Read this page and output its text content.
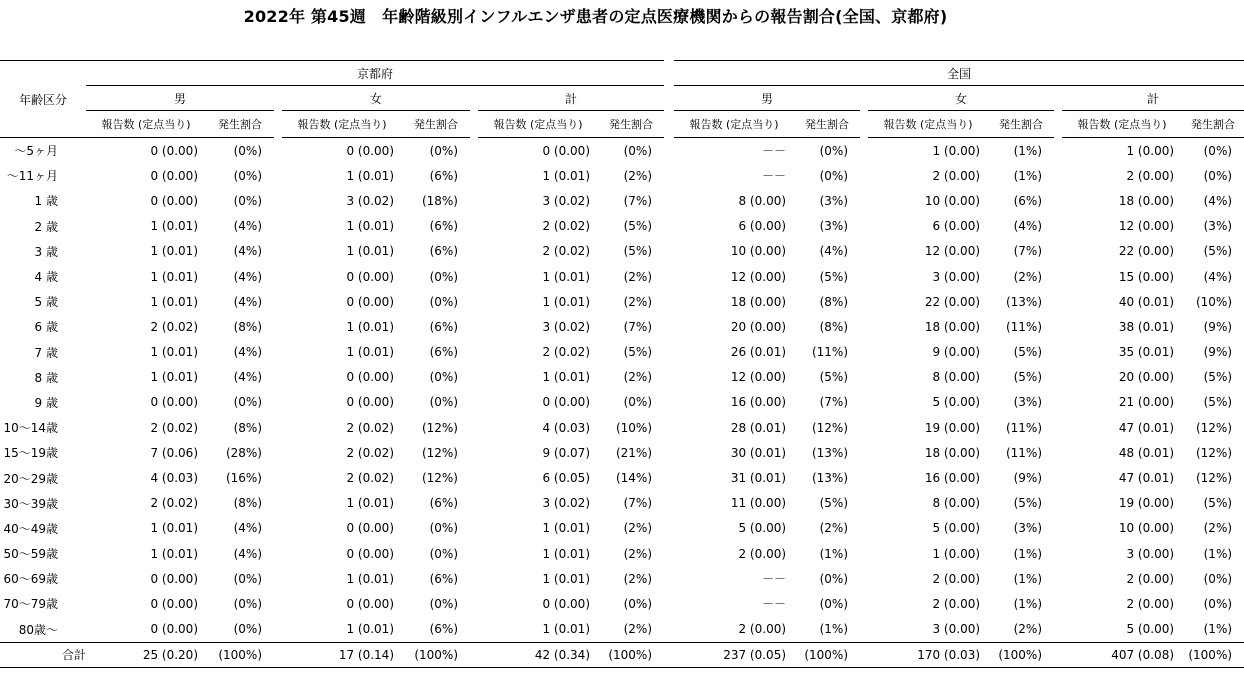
2022年 第45週　年齢階級別インフルエンザ患者の定点医療機関からの報告割合(全国、京都府)
年齢区分	京都府									全国							
	男			女			計			男			女			計	
	報告数 (定点当り)	発生割合		報告数 (定点当り)	発生割合		報告数 (定点当り)	発生割合		報告数 (定点当り)	発生割合		報告数 (定点当り)	発生割合		報告数 (定点当り)	発生割合
～5ヶ月	0 (0.00)	(0%)		0 (0.00)	(0%)		0 (0.00)	(0%)		－－	(0%)		1 (0.00)	(1%)		1 (0.00)	(0%)
～11ヶ月	0 (0.00)	(0%)		1 (0.01)	(6%)		1 (0.01)	(2%)		－－	(0%)		2 (0.00)	(1%)		2 (0.00)	(0%)
1 歳	0 (0.00)	(0%)		3 (0.02)	(18%)		3 (0.02)	(7%)		8 (0.00)	(3%)		10 (0.00)	(6%)		18 (0.00)	(4%)
2 歳	1 (0.01)	(4%)		1 (0.01)	(6%)		2 (0.02)	(5%)		6 (0.00)	(3%)		6 (0.00)	(4%)		12 (0.00)	(3%)
3 歳	1 (0.01)	(4%)		1 (0.01)	(6%)		2 (0.02)	(5%)		10 (0.00)	(4%)		12 (0.00)	(7%)		22 (0.00)	(5%)
4 歳	1 (0.01)	(4%)		0 (0.00)	(0%)		1 (0.01)	(2%)		12 (0.00)	(5%)		3 (0.00)	(2%)		15 (0.00)	(4%)
5 歳	1 (0.01)	(4%)		0 (0.00)	(0%)		1 (0.01)	(2%)		18 (0.00)	(8%)		22 (0.00)	(13%)		40 (0.01)	(10%)
6 歳	2 (0.02)	(8%)		1 (0.01)	(6%)		3 (0.02)	(7%)		20 (0.00)	(8%)		18 (0.00)	(11%)		38 (0.01)	(9%)
7 歳	1 (0.01)	(4%)		1 (0.01)	(6%)		2 (0.02)	(5%)		26 (0.01)	(11%)		9 (0.00)	(5%)		35 (0.01)	(9%)
8 歳	1 (0.01)	(4%)		0 (0.00)	(0%)		1 (0.01)	(2%)		12 (0.00)	(5%)		8 (0.00)	(5%)		20 (0.00)	(5%)
9 歳	0 (0.00)	(0%)		0 (0.00)	(0%)		0 (0.00)	(0%)		16 (0.00)	(7%)		5 (0.00)	(3%)		21 (0.00)	(5%)
10～14歳	2 (0.02)	(8%)		2 (0.02)	(12%)		4 (0.03)	(10%)		28 (0.01)	(12%)		19 (0.00)	(11%)		47 (0.01)	(12%)
15～19歳	7 (0.06)	(28%)		2 (0.02)	(12%)		9 (0.07)	(21%)		30 (0.01)	(13%)		18 (0.00)	(11%)		48 (0.01)	(12%)
20～29歳	4 (0.03)	(16%)		2 (0.02)	(12%)		6 (0.05)	(14%)		31 (0.01)	(13%)		16 (0.00)	(9%)		47 (0.01)	(12%)
30～39歳	2 (0.02)	(8%)		1 (0.01)	(6%)		3 (0.02)	(7%)		11 (0.00)	(5%)		8 (0.00)	(5%)		19 (0.00)	(5%)
40～49歳	1 (0.01)	(4%)		0 (0.00)	(0%)		1 (0.01)	(2%)		5 (0.00)	(2%)		5 (0.00)	(3%)		10 (0.00)	(2%)
50～59歳	1 (0.01)	(4%)		0 (0.00)	(0%)		1 (0.01)	(2%)		2 (0.00)	(1%)		1 (0.00)	(1%)		3 (0.00)	(1%)
60～69歳	0 (0.00)	(0%)		1 (0.01)	(6%)		1 (0.01)	(2%)		－－	(0%)		2 (0.00)	(1%)		2 (0.00)	(0%)
70～79歳	0 (0.00)	(0%)		0 (0.00)	(0%)		0 (0.00)	(0%)		－－	(0%)		2 (0.00)	(1%)		2 (0.00)	(0%)
80歳～	0 (0.00)	(0%)		1 (0.01)	(6%)		1 (0.01)	(2%)		2 (0.00)	(1%)		3 (0.00)	(2%)		5 (0.00)	(1%)
合計	25 (0.20)	(100%)		17 (0.14)	(100%)		42 (0.34)	(100%)		237 (0.05)	(100%)		170 (0.03)	(100%)		407 (0.08)	(100%)
